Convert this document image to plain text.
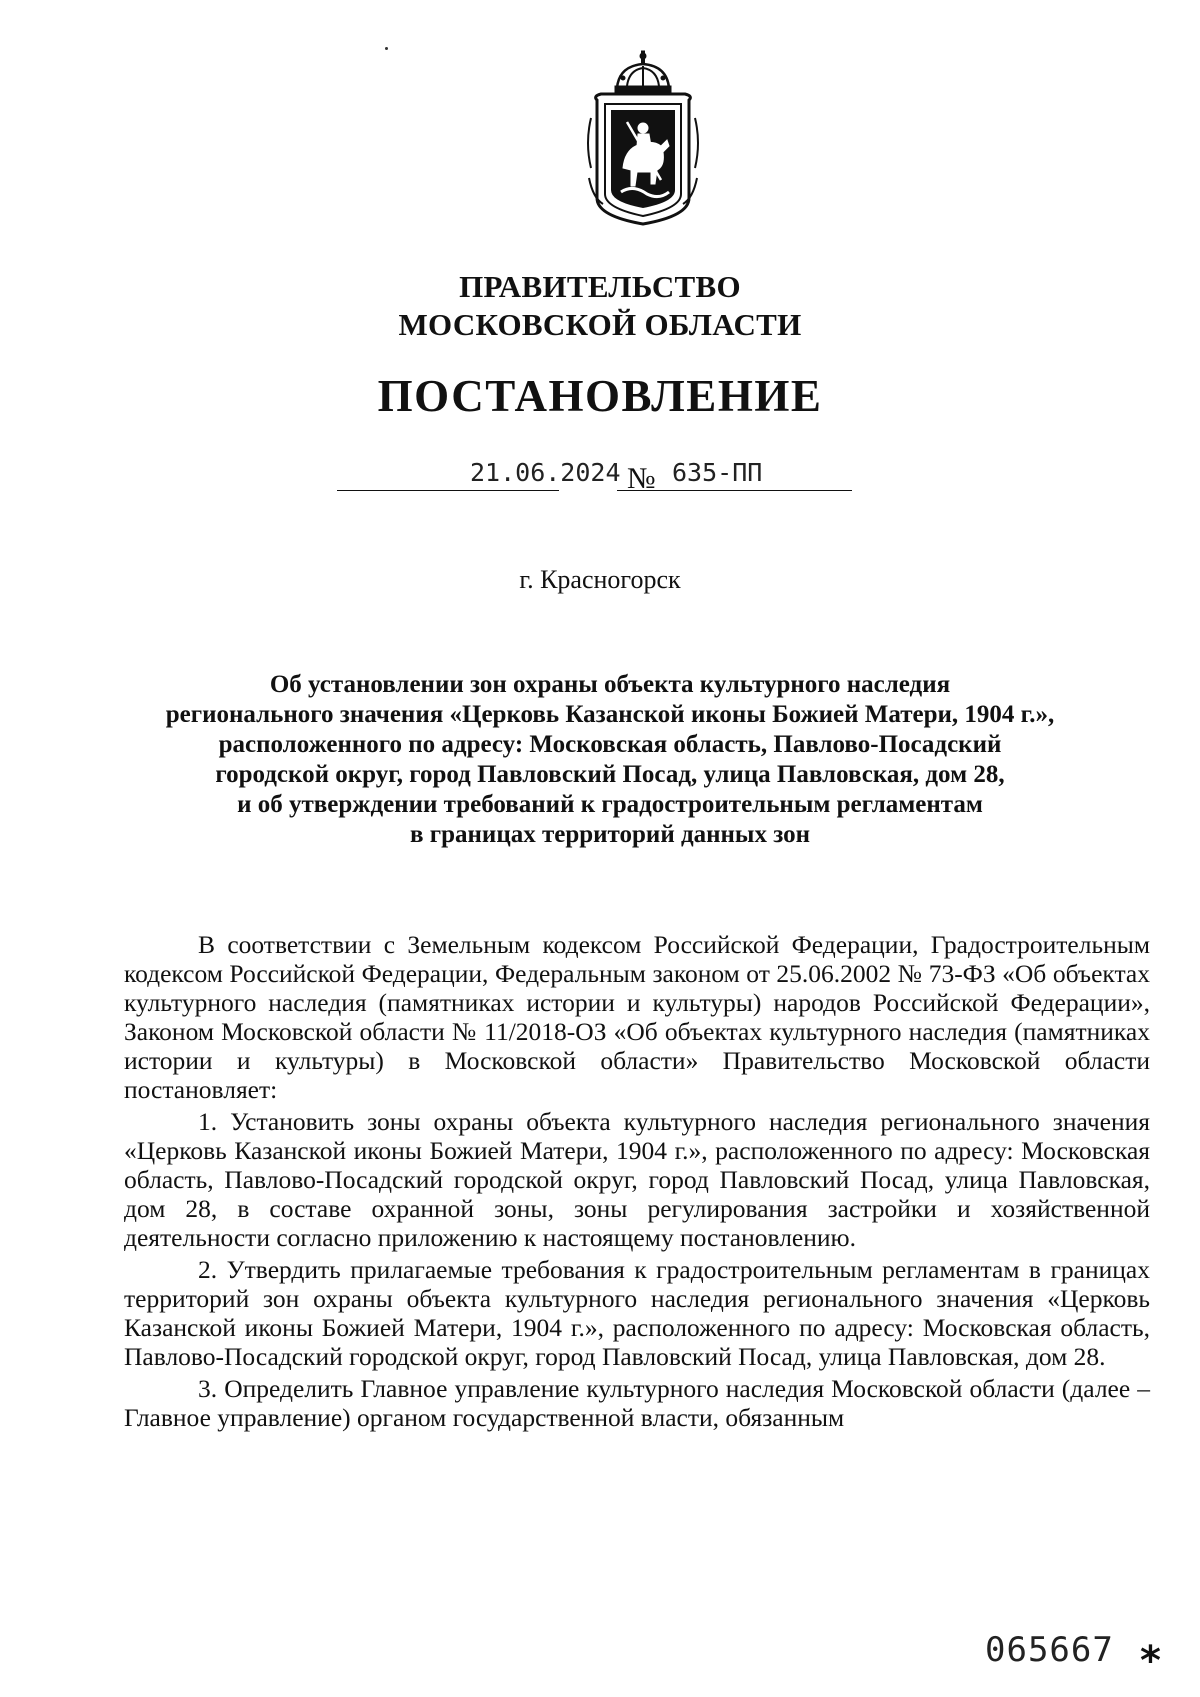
ПРАВИТЕЛЬСТВО
МОСКОВСКОЙ ОБЛАСТИ
ПОСТАНОВЛЕНИЕ
21.06.2024 № 635-ПП
г. Красногорск
Об установлении зон охраны объекта культурного наследия
регионального значения «Церковь Казанской иконы Божией Матери, 1904 г.»,
расположенного по адресу: Московская область, Павлово-Посадский
городской округ, город Павловский Посад, улица Павловская, дом 28,
и об утверждении требований к градостроительным регламентам
в границах территорий данных зон

В соответствии с Земельным кодексом Российской Федерации, Градостроительным кодексом Российской Федерации, Федеральным законом от 25.06.2002 № 73-ФЗ «Об объектах культурного наследия (памятниках истории и культуры) народов Российской Федерации», Законом Московской области № 11/2018-ОЗ «Об объектах культурного наследия (памятниках истории и культуры) в Московской области» Правительство Московской области постановляет:

1. Установить зоны охраны объекта культурного наследия регионального значения «Церковь Казанской иконы Божией Матери, 1904 г.», расположенного по адресу: Московская область, Павлово-Посадский городской округ, город Павловский Посад, улица Павловская, дом 28, в составе охранной зоны, зоны регулирования застройки и хозяйственной деятельности согласно приложению к настоящему постановлению.

2. Утвердить прилагаемые требования к градостроительным регламентам в границах территорий зон охраны объекта культурного наследия регионального значения «Церковь Казанской иконы Божией Матери, 1904 г.», расположенного по адресу: Московская область, Павлово-Посадский городской округ, город Павловский Посад, улица Павловская, дом 28.

3. Определить Главное управление культурного наследия Московской области (далее – Главное управление) органом государственной власти, обязанным

065667 *
